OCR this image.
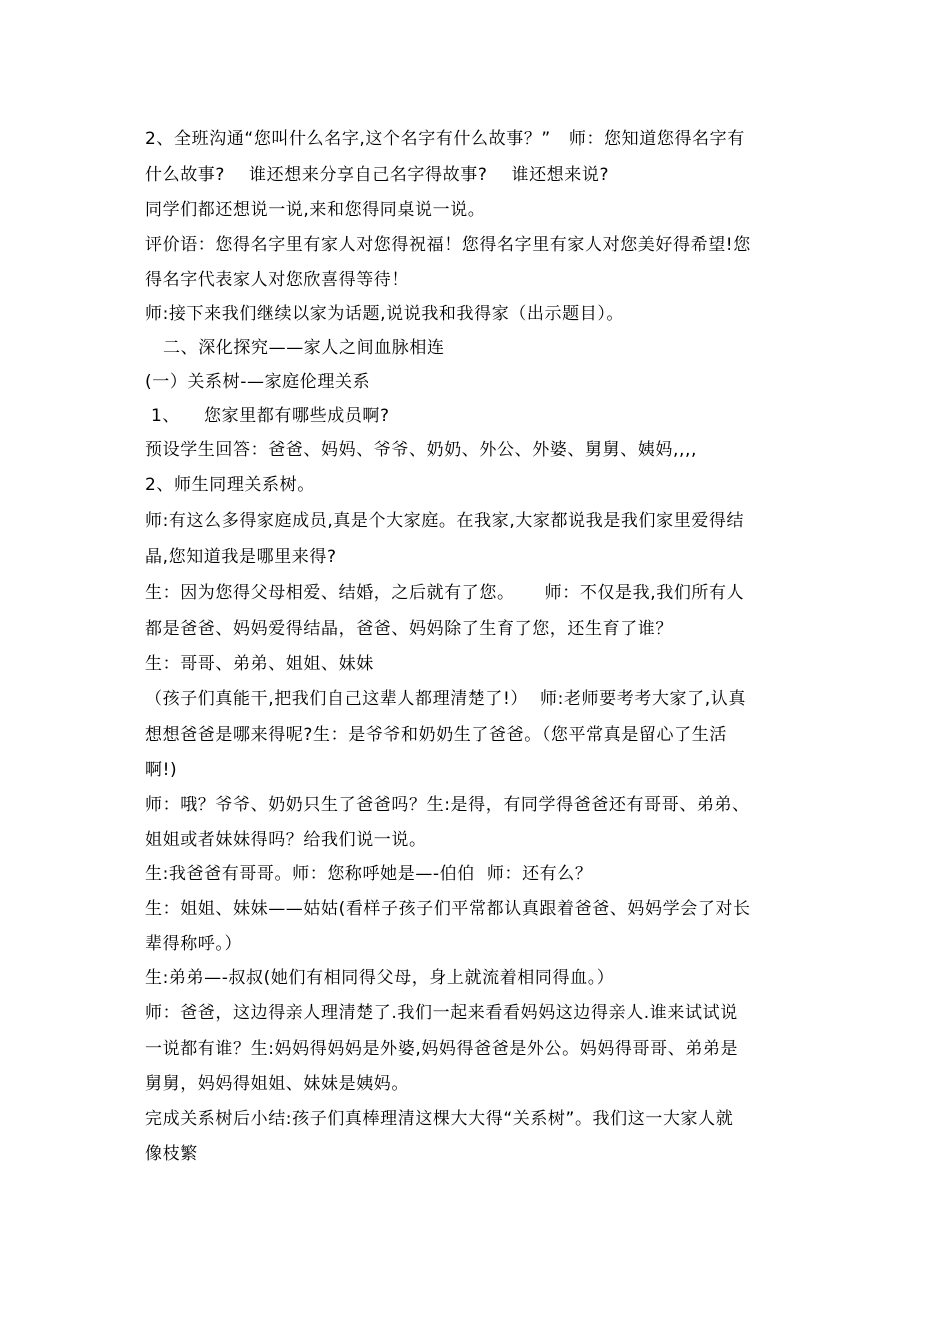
2、全班沟通“您叫什么名字,这个名字有什么故事？”   师：您知道您得名字有
什么故事?    谁还想来分享自己名字得故事?    谁还想来说?
同学们都还想说一说,来和您得同桌说一说。
评价语：您得名字里有家人对您得祝福！您得名字里有家人对您美好得希望!您
得名字代表家人对您欣喜得等待！
师:接下来我们继续以家为话题,说说我和我得家（出示题目）。
二、深化探究——家人之间血脉相连
(一）关系树-—家庭伦理关系
1、    您家里都有哪些成员啊?
预设学生回答：爸爸、妈妈、爷爷、奶奶、外公、外婆、舅舅、姨妈,,,,
2、师生同理关系树。
师:有这么多得家庭成员,真是个大家庭。在我家,大家都说我是我们家里爱得结
晶,您知道我是哪里来得?
生：因为您得父母相爱、结婚，之后就有了您。     师：不仅是我,我们所有人
都是爸爸、妈妈爱得结晶，爸爸、妈妈除了生育了您，还生育了谁？
生：哥哥、弟弟、姐姐、妹妹
（孩子们真能干,把我们自己这辈人都理清楚了!）  师:老师要考考大家了,认真
想想爸爸是哪来得呢?生：是爷爷和奶奶生了爸爸。（您平常真是留心了生活
啊!)
师：哦？爷爷、奶奶只生了爸爸吗？生:是得，有同学得爸爸还有哥哥、弟弟、
姐姐或者妹妹得吗？给我们说一说。
生:我爸爸有哥哥。师：您称呼她是—-伯伯  师：还有么？
生：姐姐、妹妹——姑姑(看样子孩子们平常都认真跟着爸爸、妈妈学会了对长
辈得称呼。）
生:弟弟—-叔叔(她们有相同得父母，身上就流着相同得血。）
师：爸爸，这边得亲人理清楚了.我们一起来看看妈妈这边得亲人.谁来试试说
一说都有谁？生:妈妈得妈妈是外婆,妈妈得爸爸是外公。妈妈得哥哥、弟弟是
舅舅，妈妈得姐姐、妹妹是姨妈。
完成关系树后小结:孩子们真棒理清这棵大大得“关系树”。我们这一大家人就
像枝繁
